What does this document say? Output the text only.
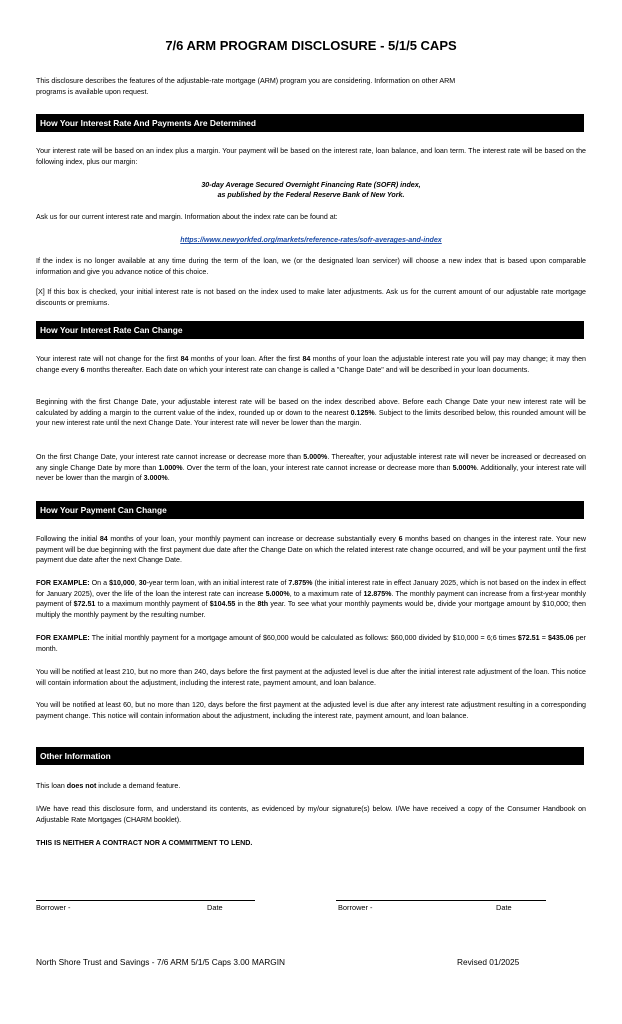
7/6 ARM PROGRAM DISCLOSURE - 5/1/5 CAPS
This disclosure describes the features of the adjustable-rate mortgage (ARM) program you are considering. Information on other ARM programs is available upon request.
How Your Interest Rate And Payments Are Determined
Your interest rate will be based on an index plus a margin. Your payment will be based on the interest rate, loan balance, and loan term. The interest rate will be based on the following index, plus our margin:
30-day Average Secured Overnight Financing Rate (SOFR) index,
as published by the Federal Reserve Bank of New York.
Ask us for our current interest rate and margin. Information about the index rate can be found at:
https://www.newyorkfed.org/markets/reference-rates/sofr-averages-and-index
If the index is no longer available at any time during the term of the loan, we (or the designated loan servicer) will choose a new index that is based upon comparable information and give you advance notice of this choice.
[X] If this box is checked, your initial interest rate is not based on the index used to make later adjustments. Ask us for the current amount of our adjustable rate mortgage discounts or premiums.
How Your Interest Rate Can Change
Your interest rate will not change for the first 84 months of your loan. After the first 84 months of your loan the adjustable interest rate you will pay may change; it may then change every 6 months thereafter. Each date on which your interest rate can change is called a "Change Date" and will be described in your loan documents.
Beginning with the first Change Date, your adjustable interest rate will be based on the index described above. Before each Change Date your new interest rate will be calculated by adding a margin to the current value of the index, rounded up or down to the nearest 0.125%. Subject to the limits described below, this rounded amount will be your new interest rate until the next Change Date. Your interest rate will never be lower than the margin.
On the first Change Date, your interest rate cannot increase or decrease more than 5.000%. Thereafter, your adjustable interest rate will never be increased or decreased on any single Change Date by more than 1.000%. Over the term of the loan, your interest rate cannot increase or decrease more than 5.000%. Additionally, your interest rate will never be lower than the margin of 3.000%.
How Your Payment Can Change
Following the initial 84 months of your loan, your monthly payment can increase or decrease substantially every 6 months based on changes in the interest rate. Your new payment will be due beginning with the first payment due date after the Change Date on which the related interest rate change occurred, and will be your payment until the first payment due date after the next Change Date.
FOR EXAMPLE: On a $10,000, 30-year term loan, with an initial interest rate of 7.875% (the initial interest rate in effect January 2025, which is not based on the index in effect for January 2025), over the life of the loan the interest rate can increase 5.000%, to a maximum rate of 12.875%. The monthly payment can increase from a first-year monthly payment of $72.51 to a maximum monthly payment of $104.55 in the 8th year. To see what your monthly payments would be, divide your mortgage amount by $10,000; then multiply the monthly payment by the resulting number.
FOR EXAMPLE: The initial monthly payment for a mortgage amount of $60,000 would be calculated as follows: $60,000 divided by $10,000 = 6;6 times $72.51 = $435.06 per month.
You will be notified at least 210, but no more than 240, days before the first payment at the adjusted level is due after the initial interest rate adjustment of the loan. This notice will contain information about the adjustment, including the interest rate, payment amount, and loan balance.
You will be notified at least 60, but no more than 120, days before the first payment at the adjusted level is due after any interest rate adjustment resulting in a corresponding payment change. This notice will contain information about the adjustment, including the interest rate, payment amount, and loan balance.
Other Information
This loan does not include a demand feature.
I/We have read this disclosure form, and understand its contents, as evidenced by my/our signature(s) below. I/We have received a copy of the Consumer Handbook on Adjustable Rate Mortgages (CHARM booklet).
THIS IS NEITHER A CONTRACT NOR A COMMITMENT TO LEND.
Borrower -	Date	Borrower -	Date
North Shore Trust and Savings - 7/6 ARM 5/1/5 Caps 3.00 MARGIN	Revised 01/2025
